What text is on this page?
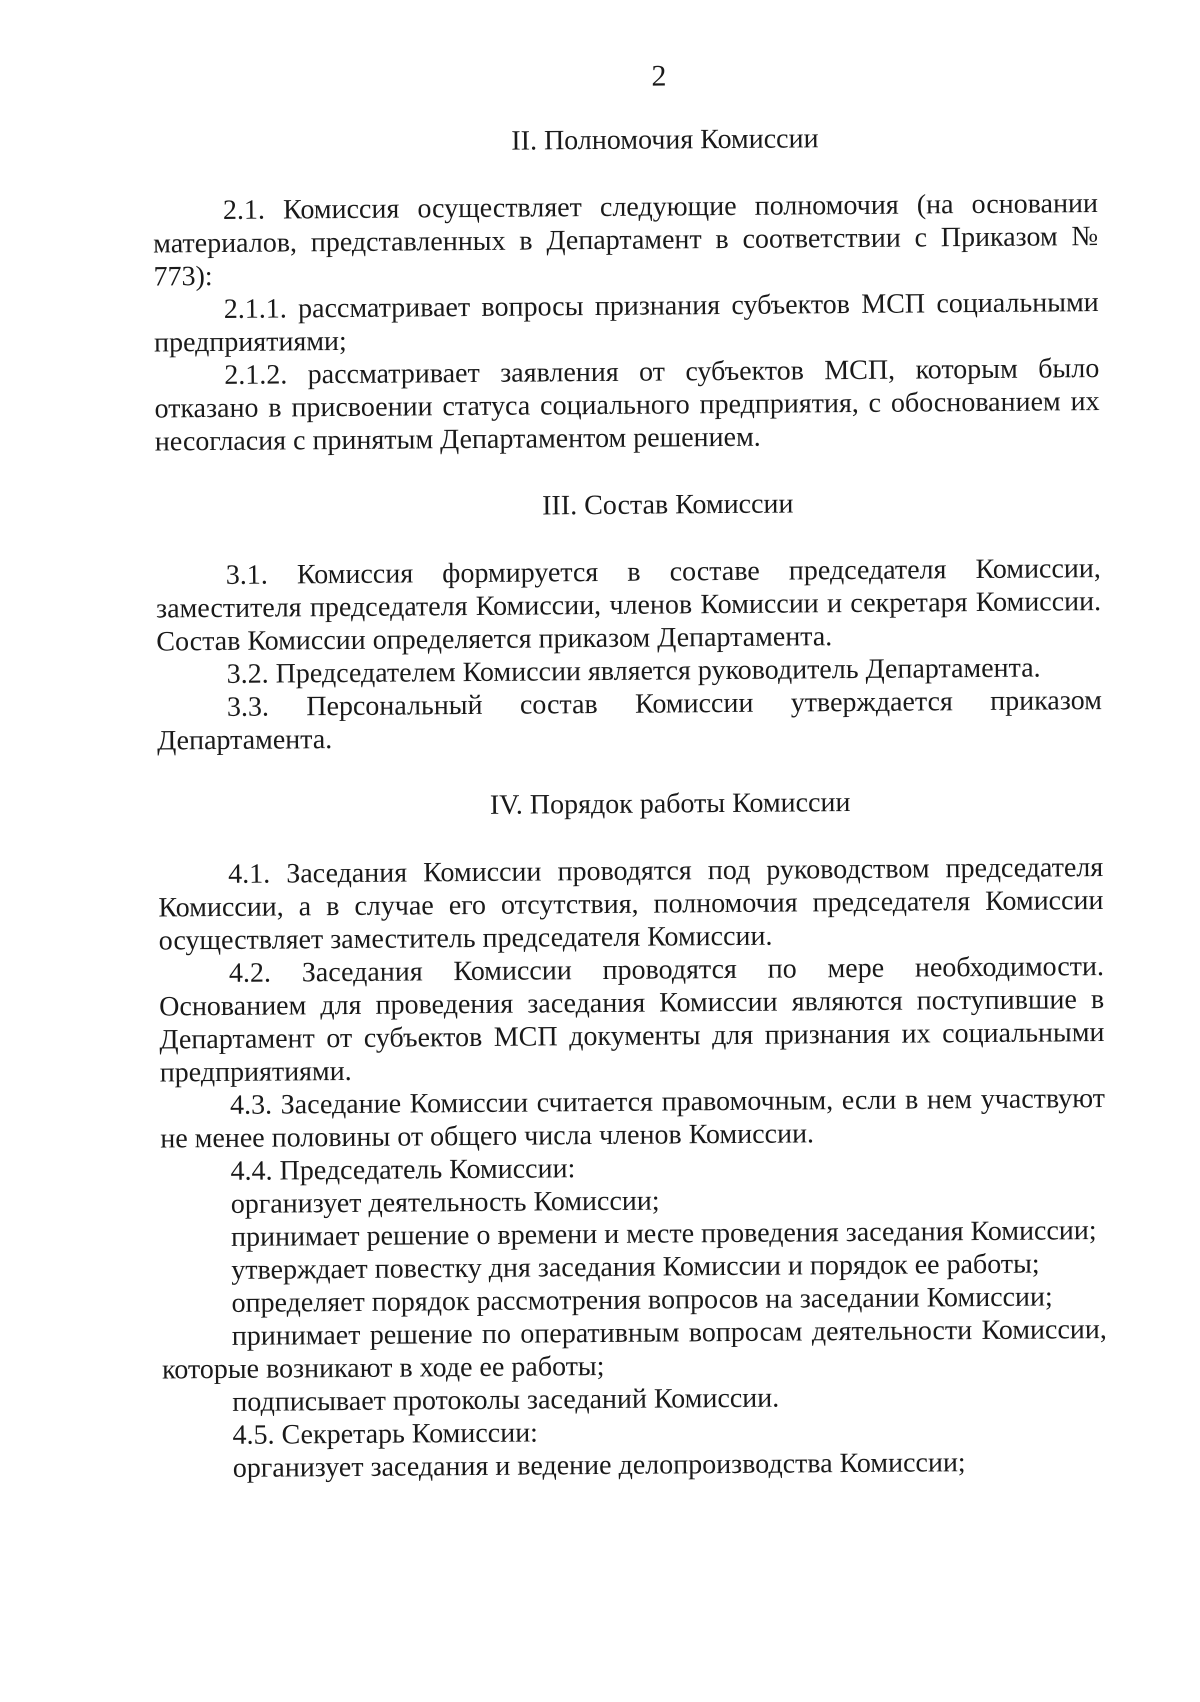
2

II. Полномочия Комиссии

2.1. Комиссия осуществляет следующие полномочия (на основании материалов, представленных в Департамент в соответствии с Приказом № 773):

2.1.1. рассматривает вопросы признания субъектов МСП социальными предприятиями;

2.1.2. рассматривает заявления от субъектов МСП, которым было отказано в присвоении статуса социального предприятия, с обоснованием их несогласия с принятым Департаментом решением.

III. Состав Комиссии

3.1. Комиссия формируется в составе председателя Комиссии, заместителя председателя Комиссии, членов Комиссии и секретаря Комиссии. Состав Комиссии определяется приказом Департамента.

3.2. Председателем Комиссии является руководитель Департамента.

3.3. Персональный состав Комиссии утверждается приказом Департамента.

IV. Порядок работы Комиссии

4.1. Заседания Комиссии проводятся под руководством председателя Комиссии, а в случае его отсутствия, полномочия председателя Комиссии осуществляет заместитель председателя Комиссии.

4.2. Заседания Комиссии проводятся по мере необходимости. Основанием для проведения заседания Комиссии являются поступившие в Департамент от субъектов МСП документы для признания их социальными предприятиями.

4.3. Заседание Комиссии считается правомочным, если в нем участвуют не менее половины от общего числа членов Комиссии.

4.4. Председатель Комиссии:

организует деятельность Комиссии;

принимает решение о времени и месте проведения заседания Комиссии;

утверждает повестку дня заседания Комиссии и порядок ее работы;

определяет порядок рассмотрения вопросов на заседании Комиссии;

принимает решение по оперативным вопросам деятельности Комиссии, которые возникают в ходе ее работы;

подписывает протоколы заседаний Комиссии.

4.5. Секретарь Комиссии:

организует заседания и ведение делопроизводства Комиссии;
